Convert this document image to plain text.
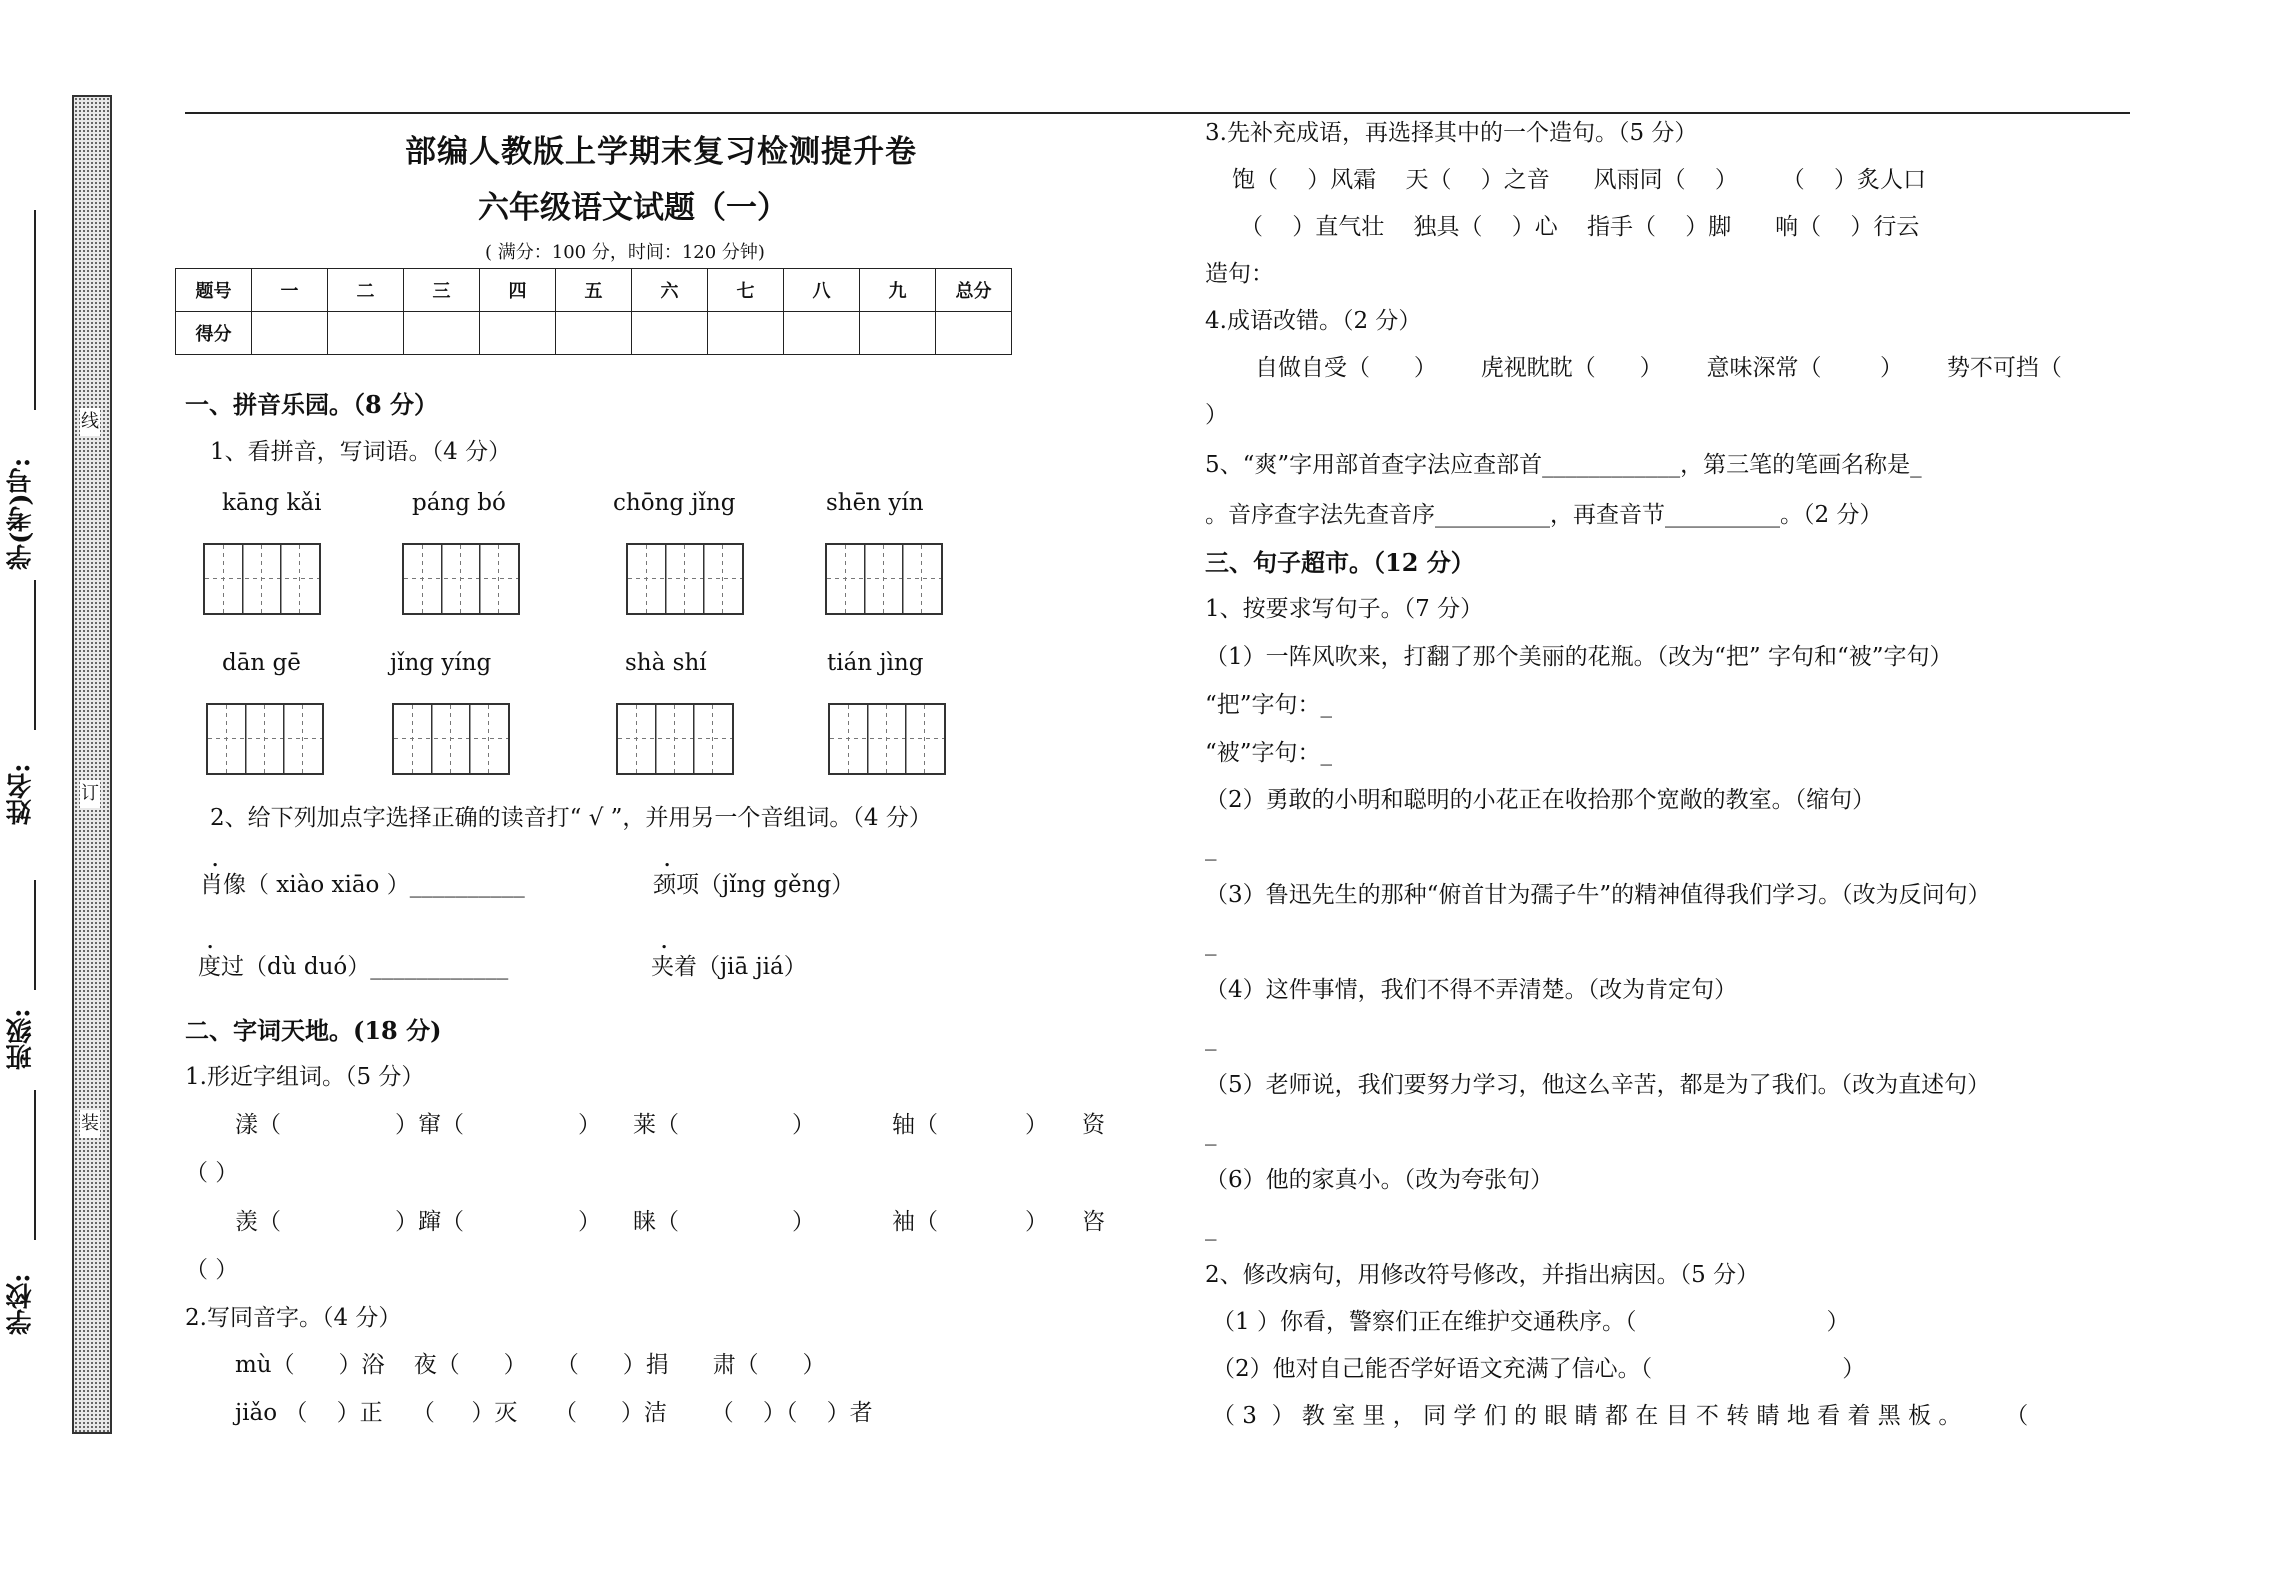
线
订
装
学(考)号:
姓名:
班级:
学校:
部编人教版上学期末复习检测提升卷
六年级语文试题（一）
( 满分：100 分，时间：120 分钟)
题号	一	二	三	四	五	六	七	八	九	总分
得分										
一、拼音乐园。（8 分）
1、看拼音，写词语。（4 分）
kāng kǎi	páng bó	chōng jǐng	shēn yín
dān gē	jǐng yíng	shà shí	tián jìng
2、给下列加点字选择正确的读音打“ √ ”，并用另一个音组词。（4 分）
.	.
肖像（ xiào xiāo ）__________	颈项（jǐng gěng）
.	.
度过（dù duó）____________	夹着（jiā jiá）
二、字词天地。(18 分)
1.形近字组词。（5 分）
漾（	）窜（	） 莱（	）	轴（	） 资
（ ）
羡（	）蹿（	） 睐（	）	袖（	） 咨
（ ）
2.写同音字。（4 分）
mù（      ）浴    夜（      ）    （      ）捐      肃（      ）
jiǎo （    ）正    （     ）灭     （      ）洁      （    ）（    ）者
3.先补充成语，再选择其中的一个造句。（5 分）
饱（    ）风霜    天（    ）之音      风雨同（    ）      （    ）炙人口
（    ）直气壮    独具（    ）心    指手（    ）脚      响（    ）行云
造句：
4.成语改错。（2 分）
自做自受（      ）      虎视眈眈（      ）      意味深常（        ）      势不可挡（
）
5、“爽”字用部首查字法应查部首____________，第三笔的笔画名称是_
。音序查字法先查音序__________，再查音节__________。（2 分）
三、句子超市。（12 分）
1、按要求写句子。（7 分）
（1）一阵风吹来，打翻了那个美丽的花瓶。（改为“把” 字句和“被”字句）
“把”字句：_
“被”字句：_
（2）勇敢的小明和聪明的小花正在收拾那个宽敞的教室。（缩句）
_
（3）鲁迅先生的那种“俯首甘为孺子牛”的精神值得我们学习。（改为反问句）
_
（4）这件事情，我们不得不弄清楚。（改为肯定句）
_
（5）老师说，我们要努力学习，他这么辛苦，都是为了我们。（改为直述句）
_
（6）他的家真小。（改为夸张句）
_
2、修改病句，用修改符号修改，并指出病因。（5 分）
（1 ）你看，警察们正在维护交通秩序。（                          ）
（2）他对自己能否学好语文充满了信心。（                          ）
（ 3  ） 教 室 里 ， 同 学 们 的 眼 睛 都 在 目 不 转 睛 地 看 着 黑 板 。      （
